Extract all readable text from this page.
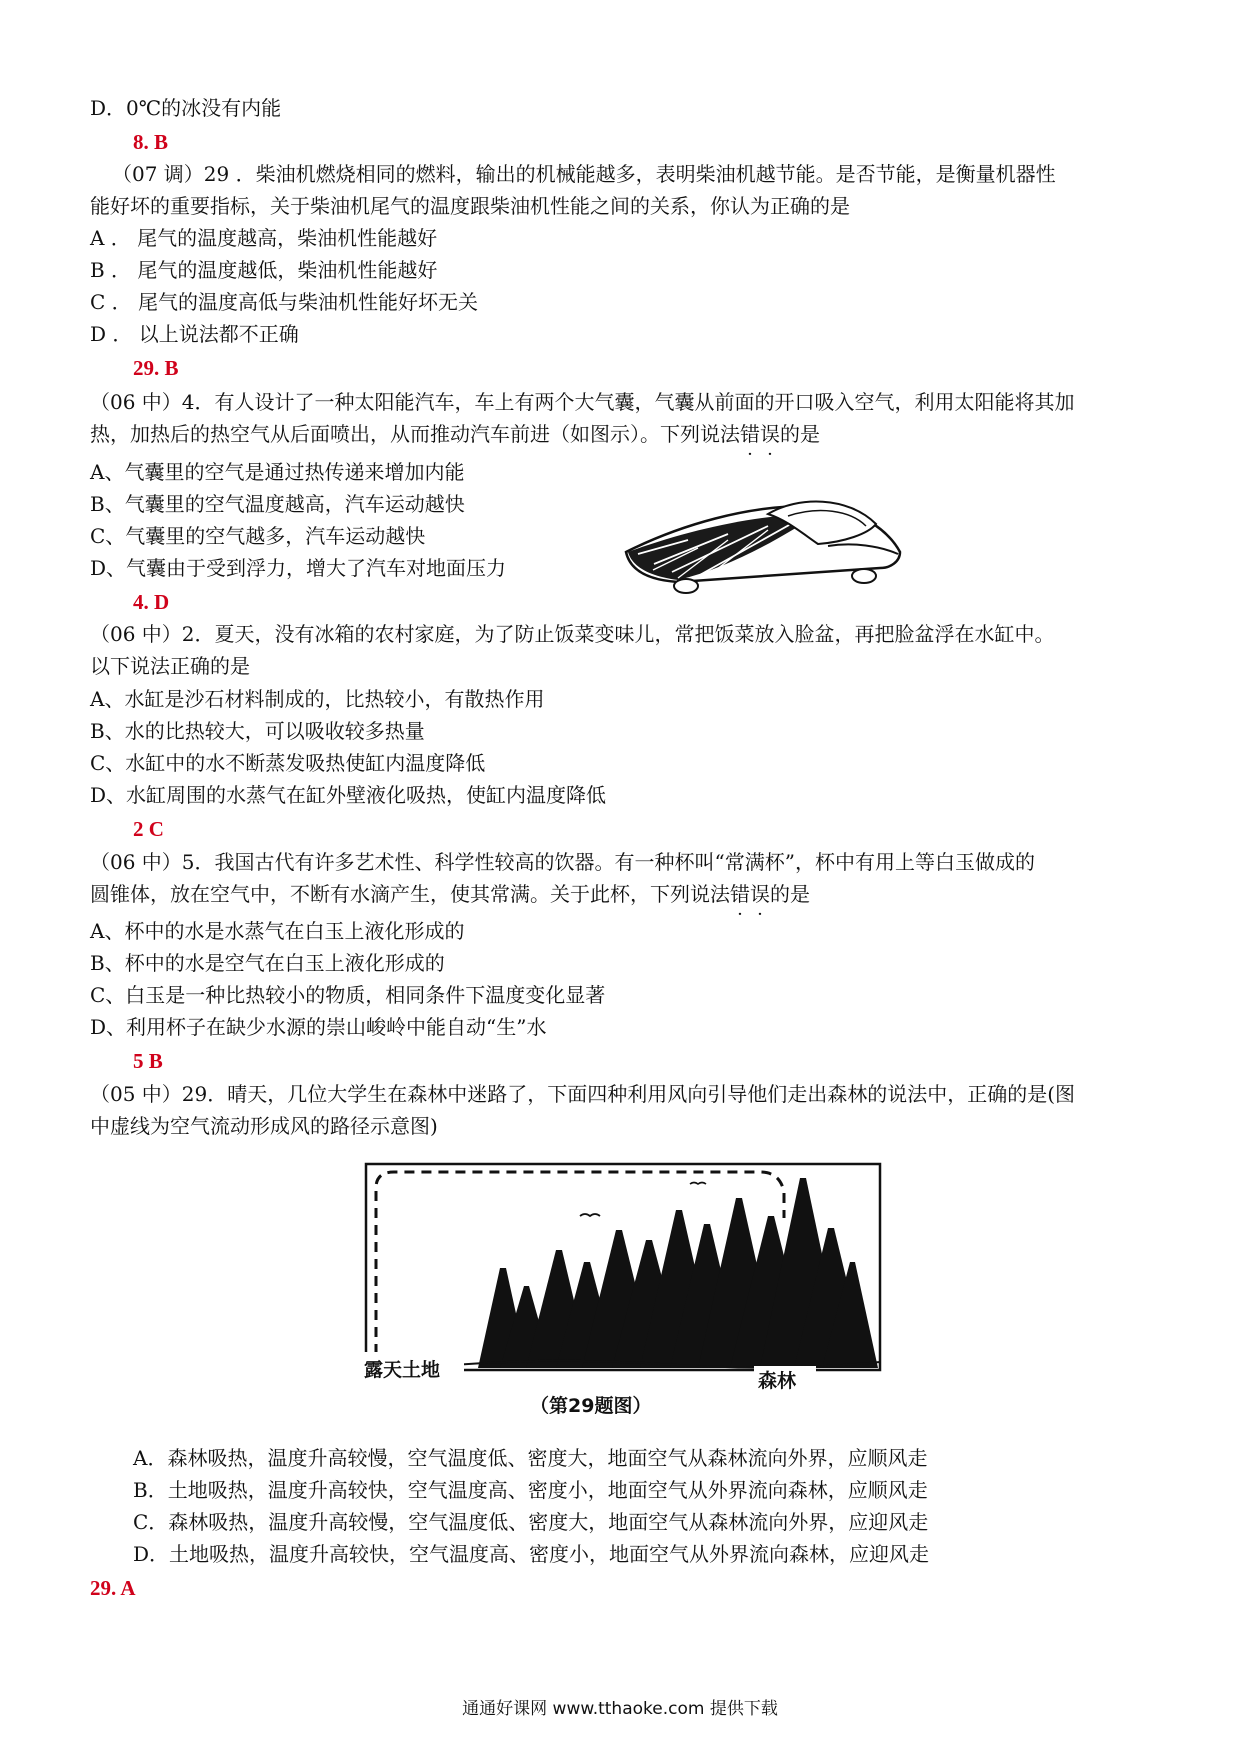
D．0℃的冰没有内能
8. B
（07 调）29 ．柴油机燃烧相同的燃料，输出的机械能越多，表明柴油机越节能。是否节能，是衡量机器性
能好坏的重要指标，关于柴油机尾气的温度跟柴油机性能之间的关系，你认为正确的是
A ． 尾气的温度越高，柴油机性能越好
B ． 尾气的温度越低，柴油机性能越好
C ． 尾气的温度高低与柴油机性能好坏无关
D ． 以上说法都不正确
29. B
（06 中）4．有人设计了一种太阳能汽车，车上有两个大气囊，气囊从前面的开口吸入空气，利用太阳能将其加
热，加热后的热空气从后面喷出，从而推动汽车前进（如图示）。下列说法错误的是
A、气囊里的空气是通过热传递来增加内能
B、气囊里的空气温度越高，汽车运动越快
C、气囊里的空气越多，汽车运动越快
D、气囊由于受到浮力，增大了汽车对地面压力
4. D
（06 中）2．夏天，没有冰箱的农村家庭，为了防止饭菜变味儿，常把饭菜放入脸盆，再把脸盆浮在水缸中。
以下说法正确的是
A、水缸是沙石材料制成的，比热较小，有散热作用
B、水的比热较大，可以吸收较多热量
C、水缸中的水不断蒸发吸热使缸内温度降低
D、水缸周围的水蒸气在缸外壁液化吸热，使缸内温度降低
2 C
（06 中）5．我国古代有许多艺术性、科学性较高的饮器。有一种杯叫“常满杯”，杯中有用上等白玉做成的
圆锥体，放在空气中，不断有水滴产生，使其常满。关于此杯，下列说法错误的是
A、杯中的水是水蒸气在白玉上液化形成的
B、杯中的水是空气在白玉上液化形成的
C、白玉是一种比热较小的物质，相同条件下温度变化显著
D、利用杯子在缺少水源的崇山峻岭中能自动“生”水
5 B
（05 中）29．晴天，几位大学生在森林中迷路了，下面四种利用风向引导他们走出森林的说法中，正确的是(图
中虚线为空气流动形成风的路径示意图)
露天土地	森林
（第29题图）
A．森林吸热，温度升高较慢，空气温度低、密度大，地面空气从森林流向外界，应顺风走
B．土地吸热，温度升高较快，空气温度高、密度小，地面空气从外界流向森林，应顺风走
C．森林吸热，温度升高较慢，空气温度低、密度大，地面空气从森林流向外界，应迎风走
D．土地吸热，温度升高较快，空气温度高、密度小，地面空气从外界流向森林，应迎风走
29. A
通通好课网 www.tthaoke.com 提供下载
